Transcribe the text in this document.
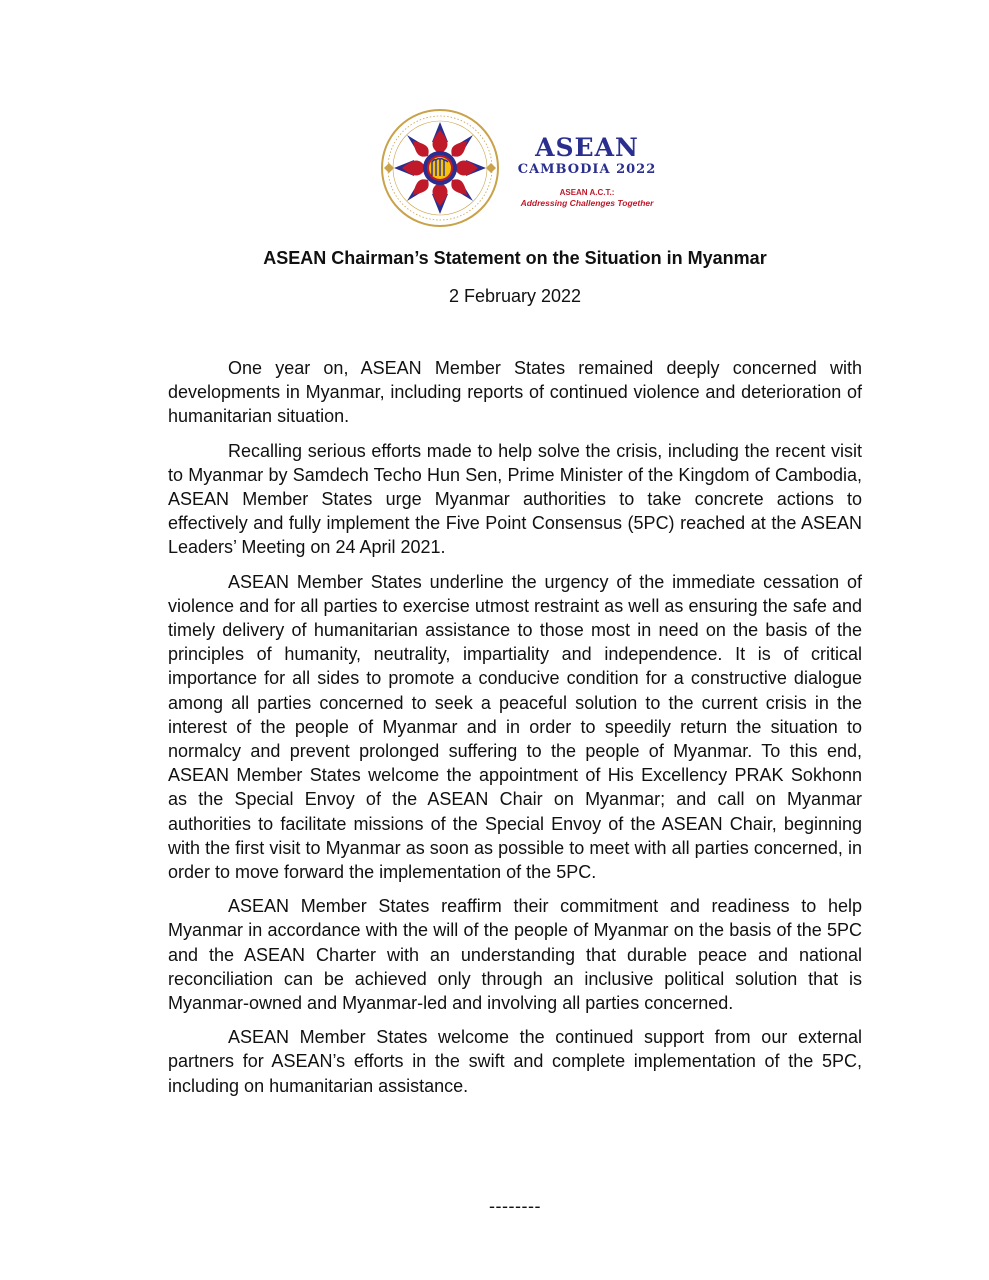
ASEAN
CAMBODIA 2022
ASEAN A.C.T.:
Addressing Challenges Together
ASEAN Chairman’s Statement on the Situation in Myanmar
2 February 2022

One year on, ASEAN Member States remained deeply concerned with developments in Myanmar, including reports of continued violence and deterioration of humanitarian situation.

Recalling serious efforts made to help solve the crisis, including the recent visit to Myanmar by Samdech Techo Hun Sen, Prime Minister of the Kingdom of Cambodia, ASEAN Member States urge Myanmar authorities to take concrete actions to effectively and fully implement the Five Point Consensus (5PC) reached at the ASEAN Leaders’ Meeting on 24 April 2021.

ASEAN Member States underline the urgency of the immediate cessation of violence and for all parties to exercise utmost restraint as well as ensuring the safe and timely delivery of humanitarian assistance to those most in need on the basis of the principles of humanity, neutrality, impartiality and independence. It is of critical importance for all sides to promote a conducive condition for a constructive dialogue among all parties concerned to seek a peaceful solution to the current crisis in the interest of the people of Myanmar and in order to speedily return the situation to normalcy and prevent prolonged suffering to the people of Myanmar. To this end, ASEAN Member States welcome the appointment of His Excellency PRAK Sokhonn as the Special Envoy of the ASEAN Chair on Myanmar; and call on Myanmar authorities to facilitate missions of the Special Envoy of the ASEAN Chair, beginning with the first visit to Myanmar as soon as possible to meet with all parties concerned, in order to move forward the implementation of the 5PC.

ASEAN Member States reaffirm their commitment and readiness to help Myanmar in accordance with the will of the people of Myanmar on the basis of the 5PC and the ASEAN Charter with an understanding that durable peace and national reconciliation can be achieved only through an inclusive political solution that is Myanmar-owned and Myanmar-led and involving all parties concerned.

ASEAN Member States welcome the continued support from our external partners for ASEAN’s efforts in the swift and complete implementation of the 5PC, including on humanitarian assistance.

--------
